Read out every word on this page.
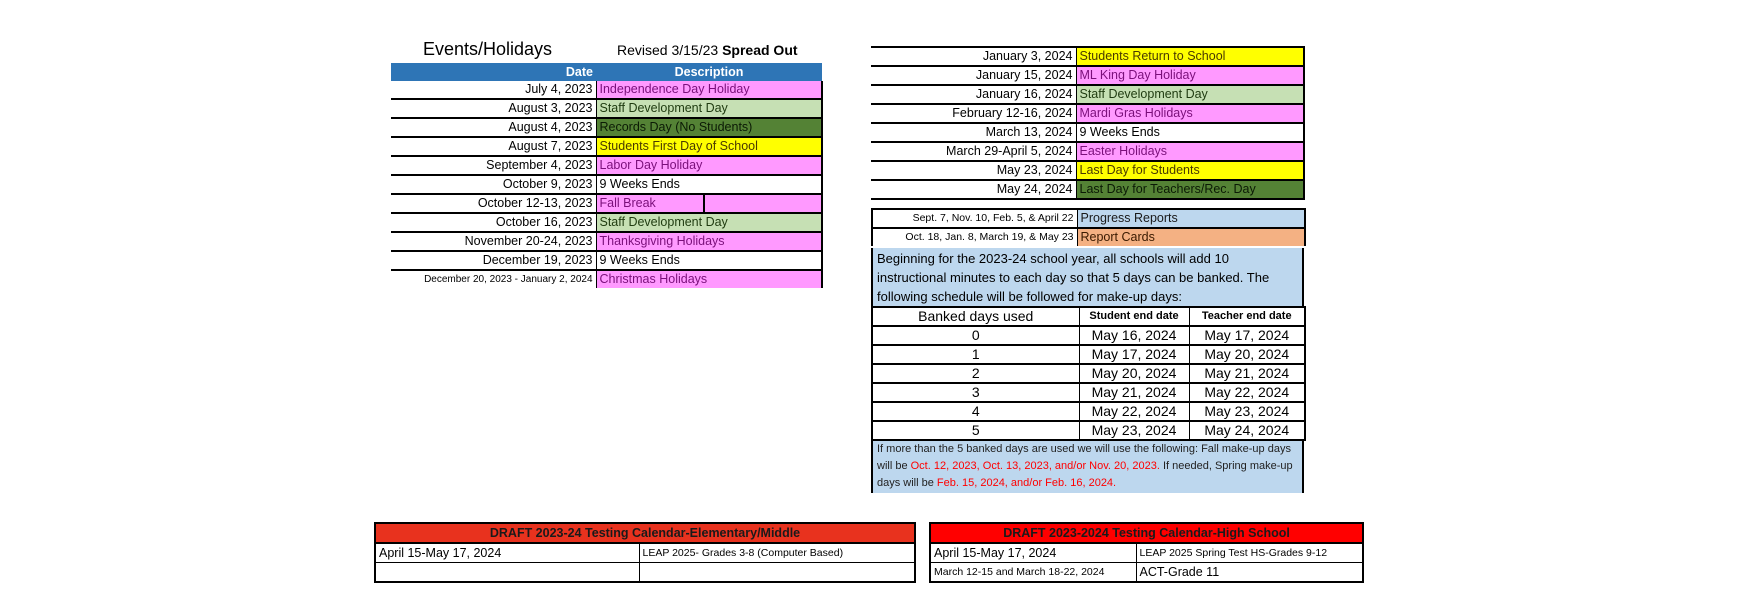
Events/Holidays	Revised 3/15/23 Spread Out
Date	Description
July 4, 2023	Independence Day Holiday
August 3, 2023	Staff Development Day
August 4, 2023	Records Day (No Students)
August 7, 2023	Students First Day of School
September 4, 2023	Labor Day Holiday
October 9, 2023	9 Weeks Ends
October 12-13, 2023	Fall Break

October 16, 2023	Staff Development Day
November 20-24, 2023	Thanksgiving Holidays
December 19, 2023	9 Weeks Ends
December 20, 2023 - January 2, 2024	Christmas Holidays
January 3, 2024	Students Return to School
January 15, 2024	ML King Day Holiday
January 16, 2024	Staff Development Day
February 12-16, 2024	Mardi Gras Holidays
March 13, 2024	9 Weeks Ends
March 29-April 5, 2024	Easter Holidays
May 23, 2024	Last Day for Students
May 24, 2024	Last Day for Teachers/Rec. Day
Sept. 7, Nov. 10, Feb. 5, & April 22	Progress Reports
Oct. 18, Jan. 8, March 19, & May 23	Report Cards
Beginning for the 2023-24 school year, all schools will add 10 instructional minutes to each day so that 5 days can be banked. The following schedule will be followed for make-up days:
Banked days used	Student end date	Teacher end date
0	May 16, 2024	May 17, 2024
1	May 17, 2024	May 20, 2024
2	May 20, 2024	May 21, 2024
3	May 21, 2024	May 22, 2024
4	May 22, 2024	May 23, 2024
5	May 23, 2024	May 24, 2024
If more than the 5 banked days are used we will use the following: Fall make-up days will be Oct. 12, 2023, Oct. 13, 2023, and/or Nov. 20, 2023. If needed, Spring make-up days will be Feb. 15, 2024, and/or Feb. 16, 2024.
DRAFT 2023-24 Testing Calendar-Elementary/Middle	
April 15-May 17, 2024	LEAP 2025- Grades 3-8 (Computer Based)

DRAFT 2023-2024 Testing Calendar-High School	
April 15-May 17, 2024	LEAP 2025 Spring Test HS-Grades 9-12
March 12-15 and March 18-22, 2024	ACT-Grade 11
